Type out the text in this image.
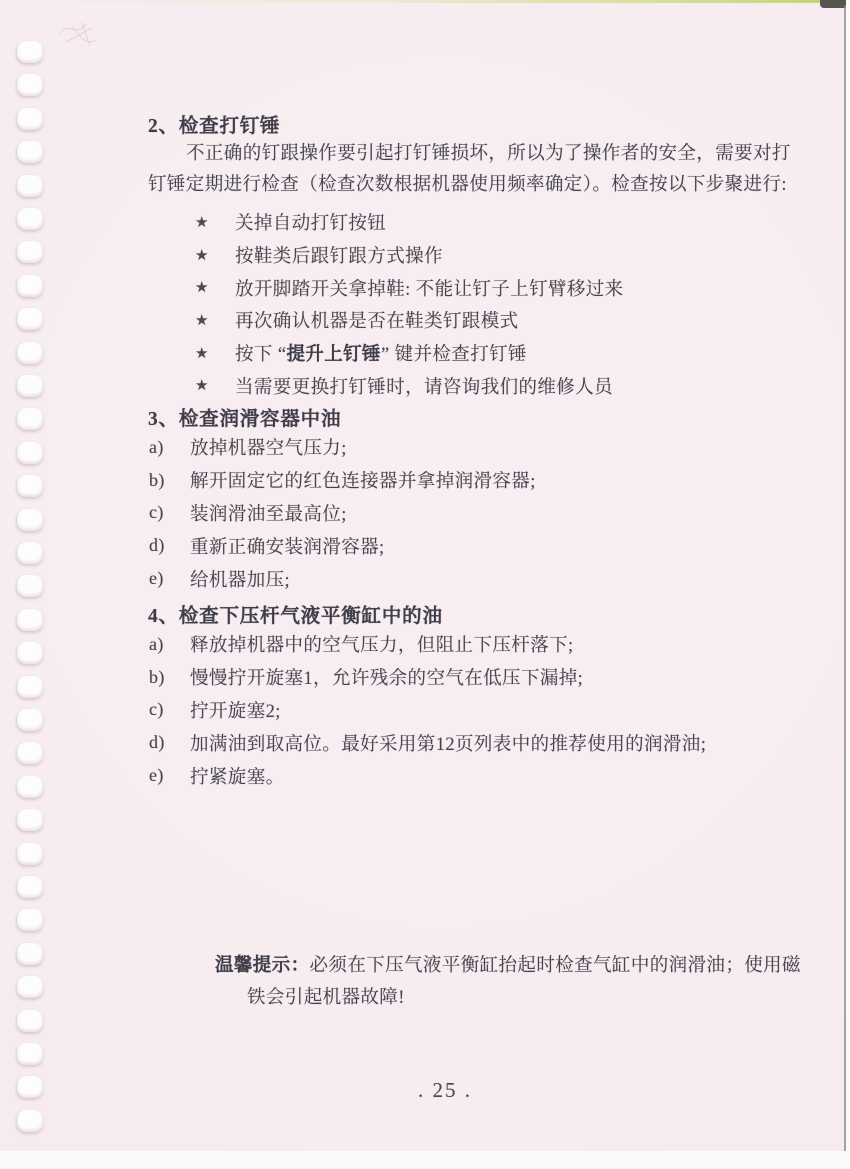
2、检查打钉锤
不正确的钉跟操作要引起打钉锤损坏，所以为了操作者的安全，需要对打钉锤定期进行检查（检查次数根据机器使用频率确定）。检查按以下步聚进行:
★	关掉自动打钉按钮
★	按鞋类后跟钉跟方式操作
★	放开脚踏开关拿掉鞋: 不能让钉子上钉臂移过来
★	再次确认机器是否在鞋类钉跟模式
★	按下 “提升上钉锤” 键并检查打钉锤
★	当需要更换打钉锤时，请咨询我们的维修人员
3、检查润滑容器中油
a)	放掉机器空气压力;
b)	解开固定它的红色连接器并拿掉润滑容器;
c)	装润滑油至最高位;
d)	重新正确安装润滑容器;
e)	给机器加压;
4、检查下压杆气液平衡缸中的油
a)	释放掉机器中的空气压力，但阻止下压杆落下;
b)	慢慢拧开旋塞1，允许残余的空气在低压下漏掉;
c)	拧开旋塞2;
d)	加满油到取高位。最好采用第12页列表中的推荐使用的润滑油;
e)	拧紧旋塞。
温馨提示：必须在下压气液平衡缸抬起时检查气缸中的润滑油；使用磁
铁会引起机器故障!
. 25 .
